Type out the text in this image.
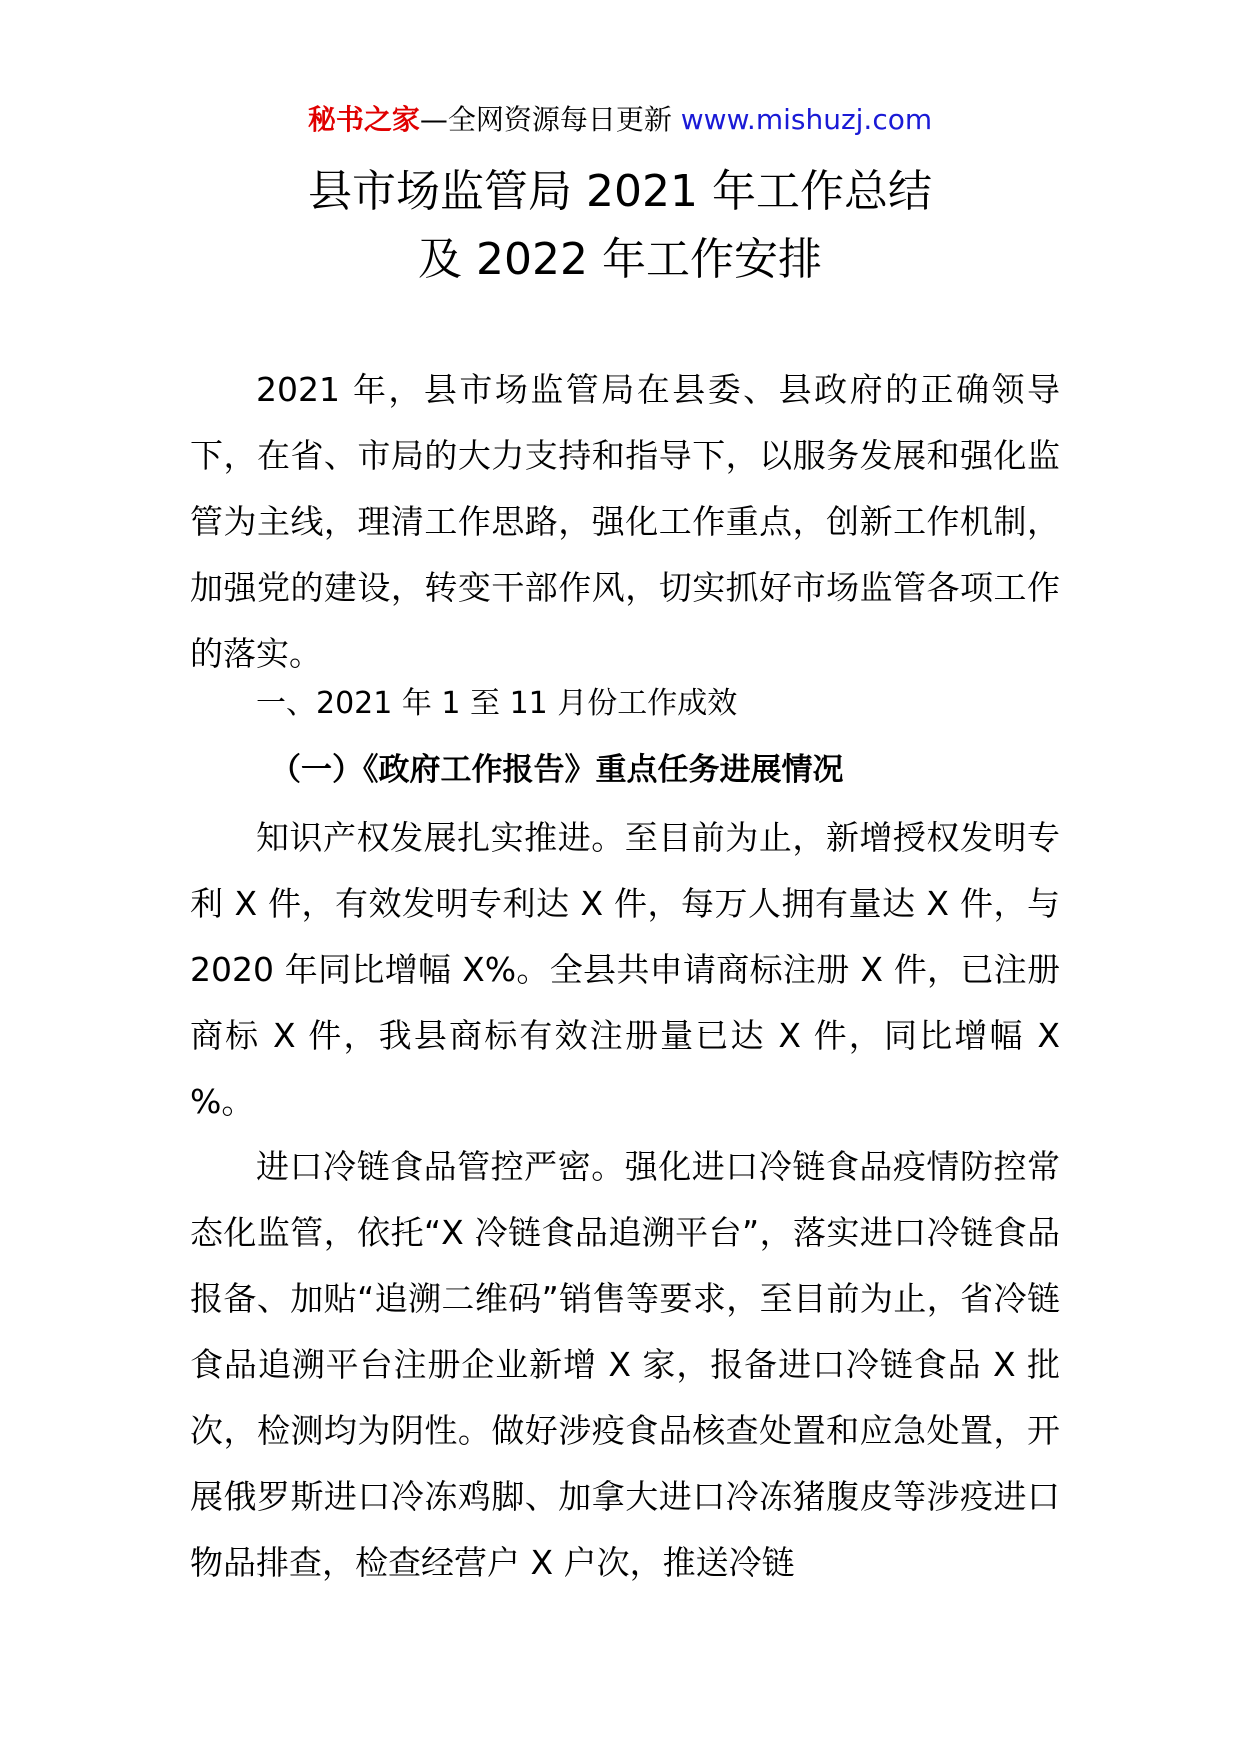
秘书之家—全网资源每日更新 www.mishuzj.com
县市场监管局 2021 年工作总结
及 2022 年工作安排
2021 年，县市场监管局在县委、县政府的正确领导下，在省、市局的大力支持和指导下，以服务发展和强化监管为主线，理清工作思路，强化工作重点，创新工作机制，加强党的建设，转变干部作风，切实抓好市场监管各项工作的落实。
一、2021 年 1 至 11 月份工作成效
（一）《政府工作报告》重点任务进展情况
知识产权发展扎实推进。至目前为止，新增授权发明专利 X 件，有效发明专利达 X 件，每万人拥有量达 X 件，与 2020 年同比增幅 X%。全县共申请商标注册 X 件，已注册商标 X 件，我县商标有效注册量已达 X 件，同比增幅 X %。
进口冷链食品管控严密。强化进口冷链食品疫情防控常态化监管，依托“X 冷链食品追溯平台”，落实进口冷链食品报备、加贴“追溯二维码”销售等要求，至目前为止，省冷链食品追溯平台注册企业新增 X 家，报备进口冷链食品 X 批次，检测均为阴性。做好涉疫食品核查处置和应急处置，开展俄罗斯进口冷冻鸡脚、加拿大进口冷冻猪腹皮等涉疫进口物品排查，检查经营户 X 户次，推送冷链
